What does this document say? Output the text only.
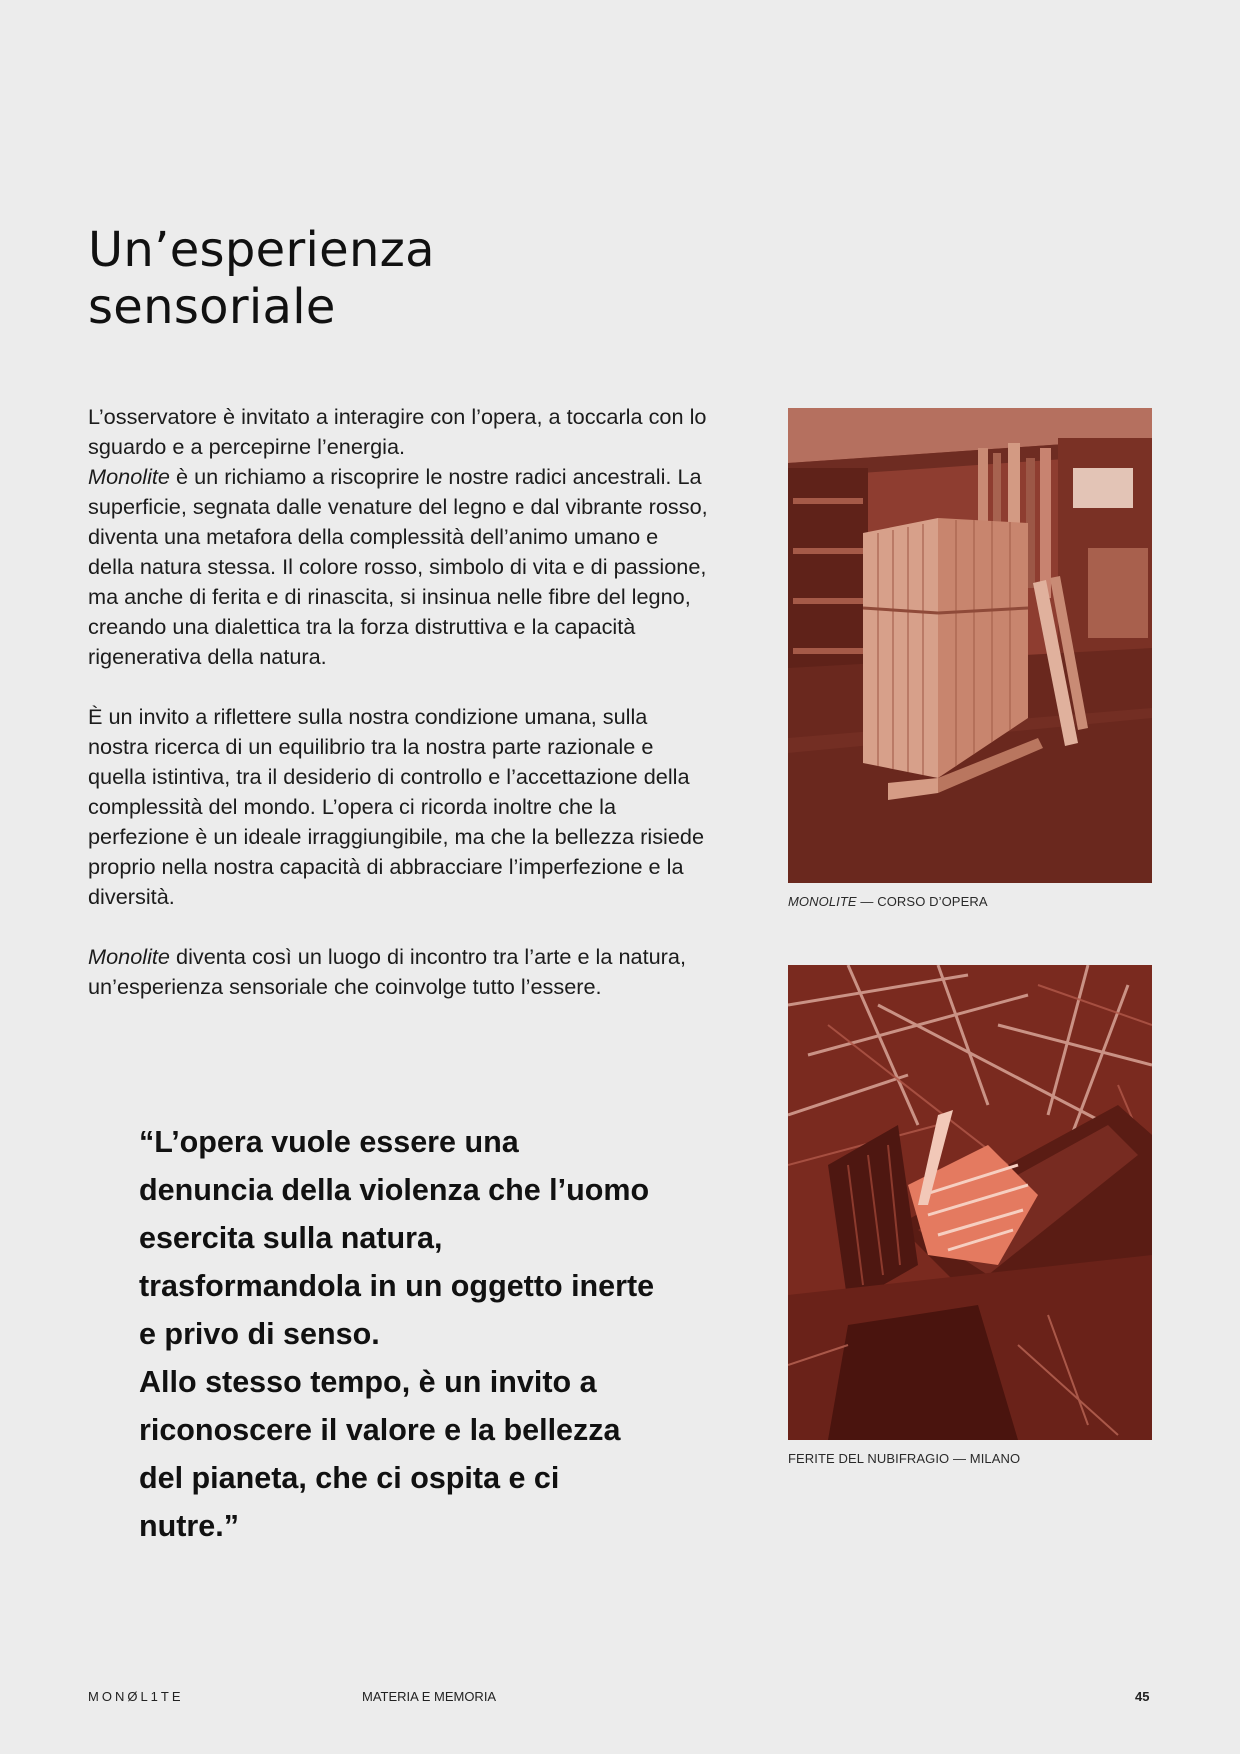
Un’esperienza
sensoriale

L’osservatore è invitato a interagire con l’opera, a toccarla con lo sguardo e a percepirne l’energia.
Monolite è un richiamo a riscoprire le nostre radici ancestrali. La superficie, segnata dalle venature del legno e dal vibrante rosso, diventa una metafora della complessità dell’animo umano e della natura stessa. Il colore rosso, simbolo di vita e di passione, ma anche di ferita e di rinascita, si insinua nelle fibre del legno, creando una dialettica tra la forza distruttiva e la capacità rigenerativa della natura.

È un invito a riflettere sulla nostra condizione umana, sulla nostra ricerca di un equilibrio tra la nostra parte razionale e quella istintiva, tra il desiderio di controllo e l’accettazione della complessità del mondo. L’opera ci ricorda inoltre che la perfezione è un ideale irraggiungibile, ma che la bellezza risiede proprio nella nostra capacità di abbracciare l’imperfezione e la diversità.

Monolite diventa così un luogo di incontro tra l’arte e la natura, un’esperienza sensoriale che coinvolge tutto l’essere.

“L’opera vuole essere una denuncia della violenza che l’uomo esercita sulla natura, trasformandola in un oggetto inerte e privo di senso.
Allo stesso tempo, è un invito a riconoscere il valore e la bellezza del pianeta, che ci ospita e ci nutre.”
MONOLITE — CORSO D’OPERA
FERITE DEL NUBIFRAGIO — MILANO
MONØL1TE	MATERIA E MEMORIA	45
